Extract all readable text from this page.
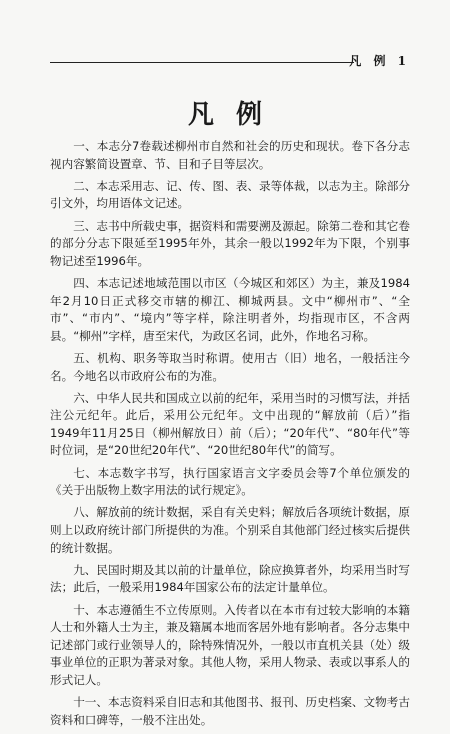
凡 例 1
凡例

一、本志分7卷载述柳州市自然和社会的历史和现状。卷下各分志视内容繁简设置章、节、目和子目等层次。

二、本志采用志、记、传、图、表、录等体裁，以志为主。除部分引文外，均用语体文记述。

三、志书中所载史事，据资料和需要溯及源起。除第二卷和其它卷的部分分志下限延至1995年外，其余一般以1992年为下限，个别事物记述至1996年。

四、本志记述地域范围以市区（今城区和郊区）为主，兼及1984年2月10日正式移交市辖的柳江、柳城两县。文中“柳州市”、“全市”、“市内”、“境内”等字样，除注明者外，均指现市区，不含两县。“柳州”字样，唐至宋代，为政区名词，此外，作地名习称。

五、机构、职务等取当时称谓。使用古（旧）地名，一般括注今名。今地名以市政府公布的为准。

六、中华人民共和国成立以前的纪年，采用当时的习惯写法，并括注公元纪年。此后，采用公元纪年。文中出现的“解放前（后）”指1949年11月25日（柳州解放日）前（后）；“20年代”、“80年代”等时位词，是“20世纪20年代”、“20世纪80年代”的简写。

七、本志数字书写，执行国家语言文字委员会等7个单位颁发的《关于出版物上数字用法的试行规定》。

八、解放前的统计数据，采自有关史料；解放后各项统计数据，原则上以政府统计部门所提供的为准。个别采自其他部门经过核实后提供的统计数据。

九、民国时期及其以前的计量单位，除应换算者外，均采用当时写法；此后，一般采用1984年国家公布的法定计量单位。

十、本志遵循生不立传原则。入传者以在本市有过较大影响的本籍人士和外籍人士为主，兼及籍属本地而客居外地有影响者。各分志集中记述部门或行业领导人的，除特殊情况外，一般以市直机关县（处）级事业单位的正职为著录对象。其他人物，采用人物录、表或以事系人的形式记人。

十一、本志资料采自旧志和其他图书、报刊、历史档案、文物考古资料和口碑等，一般不注出处。
